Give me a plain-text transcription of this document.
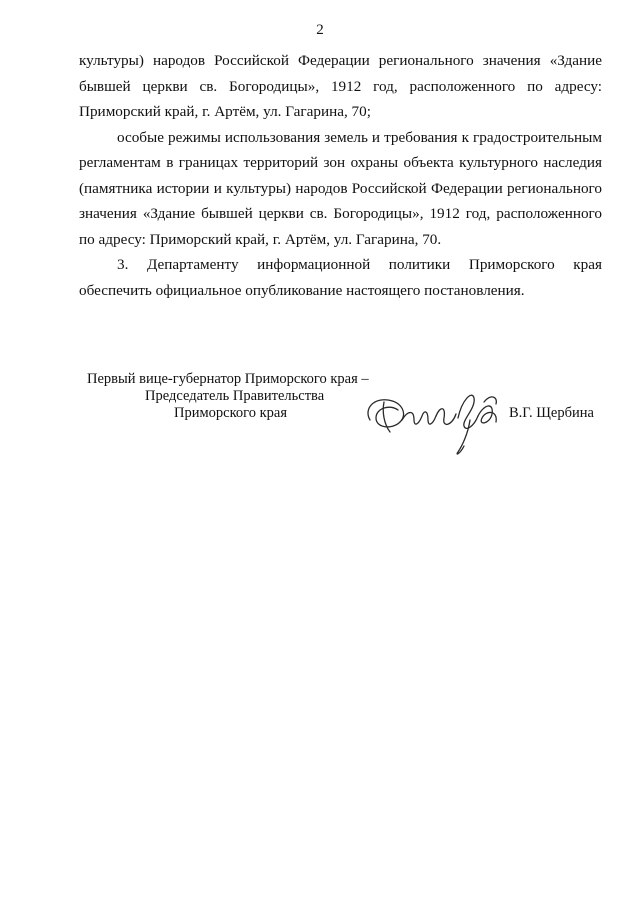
2

культуры) народов Российской Федерации регионального значения «Здание бывшей церкви св. Богородицы», 1912 год, расположенного по адресу: Приморский край, г. Артём, ул. Гагарина, 70;

особые режимы использования земель и требования к градостроительным регламентам в границах территорий зон охраны объекта культурного наследия (памятника истории и культуры) народов Российской Федерации регионального значения «Здание бывшей церкви св. Богородицы», 1912 год, расположенного по адресу: Приморский край, г. Артём, ул. Гагарина, 70.

3. Департаменту информационной политики Приморского края обеспечить официальное опубликование настоящего постановления.

Первый вице-губернатор Приморского края –
Председатель Правительства
Приморского края	В.Г. Щербина
